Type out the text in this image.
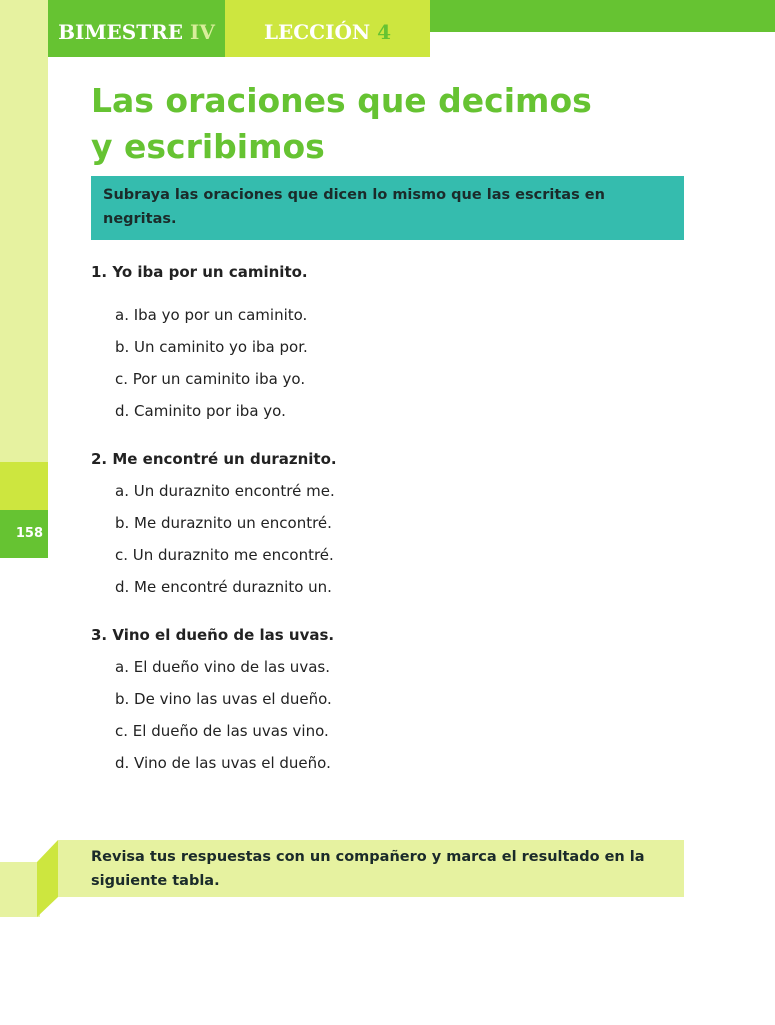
158
BIMESTRE IV	LECCIÓN 4
Las oraciones que decimos
y escribimos
Subraya las oraciones que dicen lo mismo que las escritas en negritas.
1. Yo iba por un caminito.
a. Iba yo por un caminito.
b. Un caminito yo iba por.
c. Por un caminito iba yo.
d. Caminito por iba yo.
2. Me encontré un duraznito.
a. Un duraznito encontré me.
b. Me duraznito un encontré.
c. Un duraznito me encontré.
d. Me encontré duraznito un.
3. Vino el dueño de las uvas.
a. El dueño vino de las uvas.
b. De vino las uvas el dueño.
c. El dueño de las uvas vino.
d. Vino de las uvas el dueño.
Revisa tus respuestas con un compañero y marca el resultado en la siguiente tabla.
